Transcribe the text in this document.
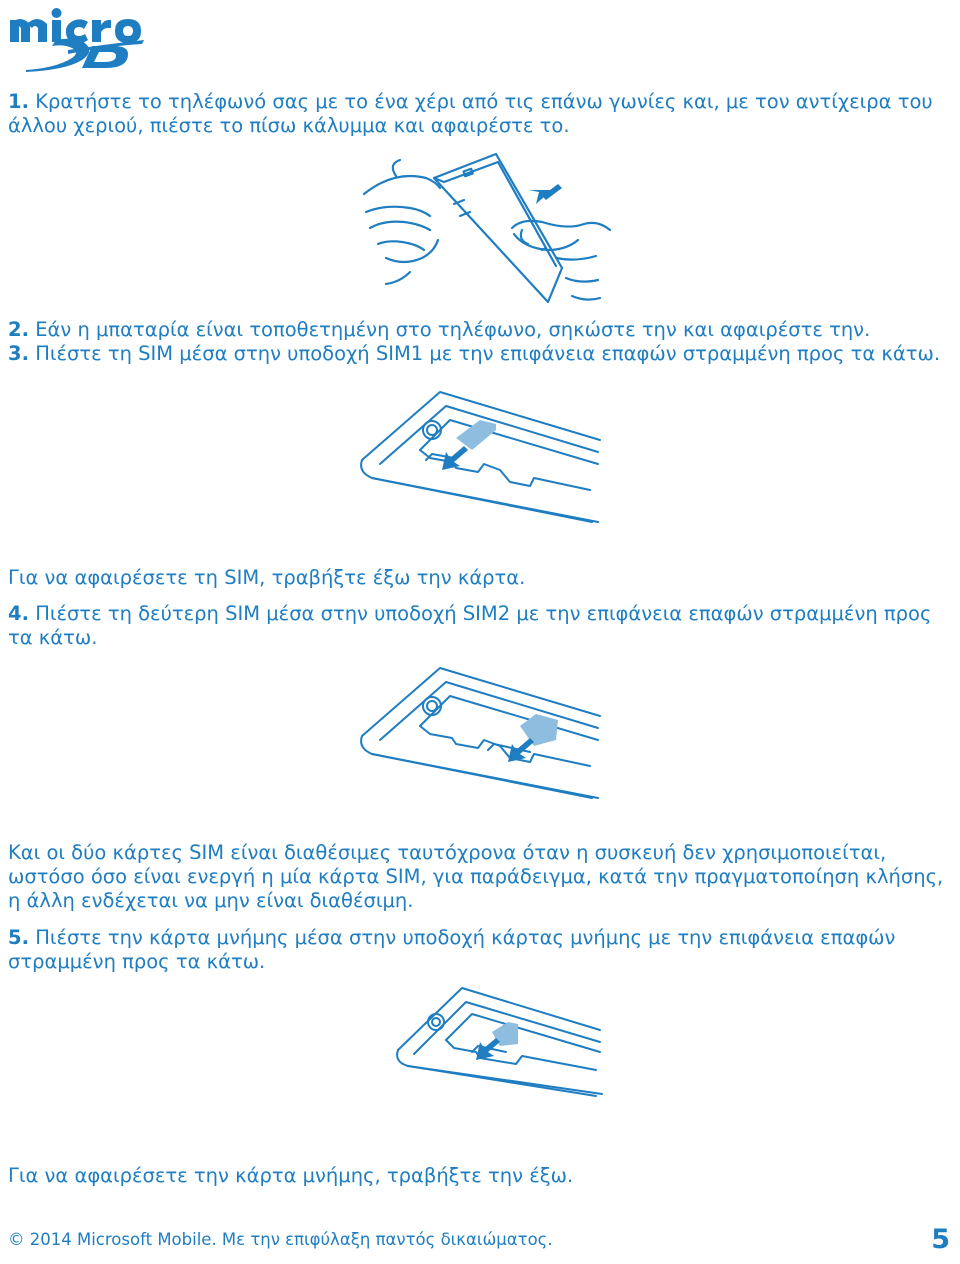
1. Κρατήστε το τηλέφωνό σας με το ένα χέρι από τις επάνω γωνίες και, με τον αντίχειρα του άλλου χεριού, πιέστε το πίσω κάλυμμα και αφαιρέστε το.

2. Εάν η μπαταρία είναι τοποθετημένη στο τηλέφωνο, σηκώστε την και αφαιρέστε την.

3. Πιέστε τη SIM μέσα στην υποδοχή SIM1 με την επιφάνεια επαφών στραμμένη προς τα κάτω.

Για να αφαιρέσετε τη SIM, τραβήξτε έξω την κάρτα.

4. Πιέστε τη δεύτερη SIM μέσα στην υποδοχή SIM2 με την επιφάνεια επαφών στραμμένη προς τα κάτω.

Και οι δύο κάρτες SIM είναι διαθέσιμες ταυτόχρονα όταν η συσκευή δεν χρησιμοποιείται, ωστόσο όσο είναι ενεργή η μία κάρτα SIM, για παράδειγμα, κατά την πραγματοποίηση κλήσης, η άλλη ενδέχεται να μην είναι διαθέσιμη.

5. Πιέστε την κάρτα μνήμης μέσα στην υποδοχή κάρτας μνήμης με την επιφάνεια επαφών στραμμένη προς τα κάτω.

Για να αφαιρέσετε την κάρτα μνήμης, τραβήξτε την έξω.

© 2014 Microsoft Mobile. Με την επιφύλαξη παντός δικαιώματος.	5
